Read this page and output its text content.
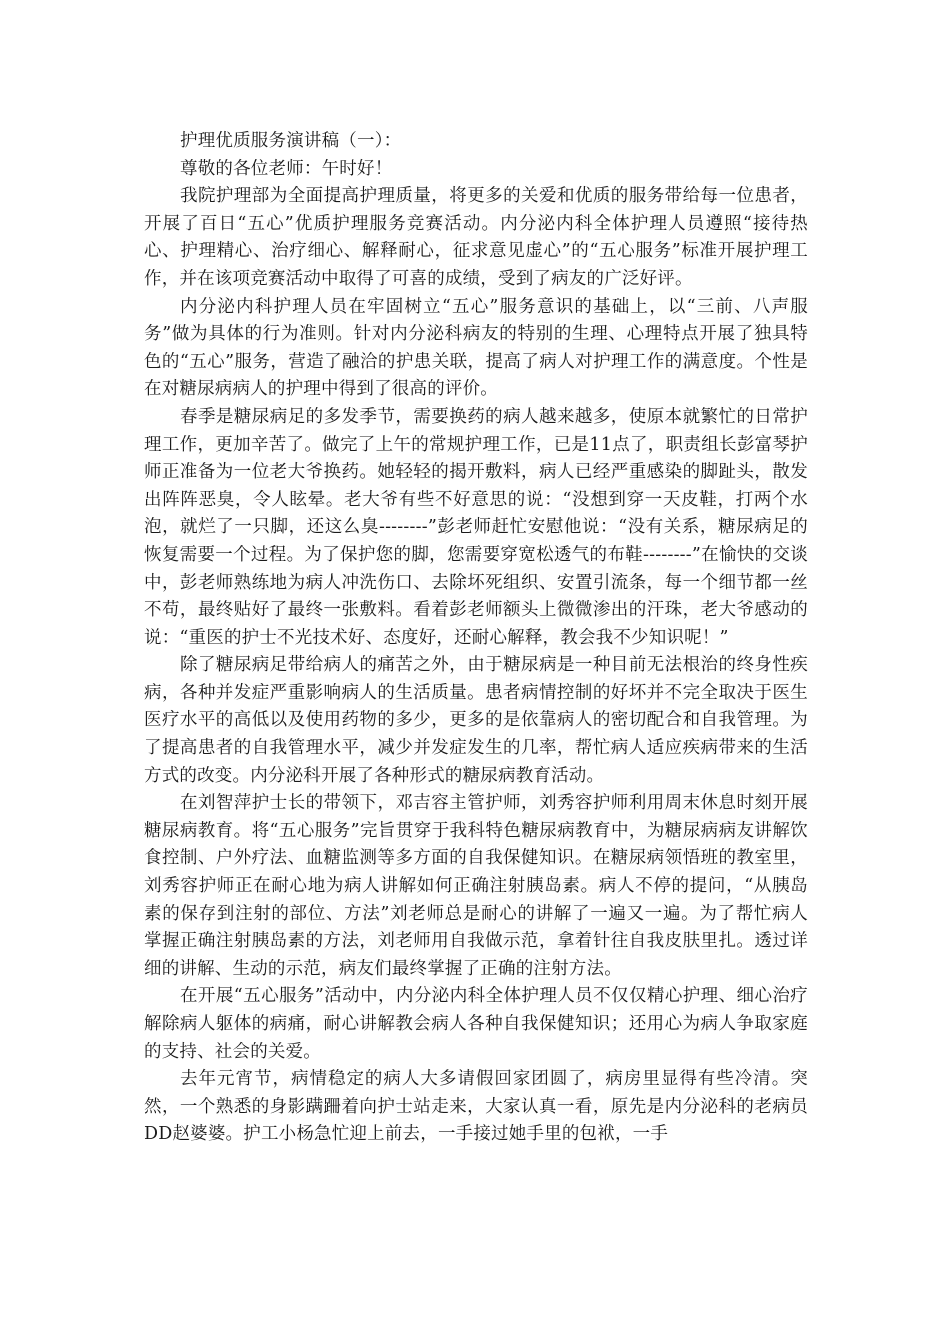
护理优质服务演讲稿（一）：

尊敬的各位老师：午时好！

我院护理部为全面提高护理质量，将更多的关爱和优质的服务带给每一位患者，开展了百日“五心”优质护理服务竞赛活动。内分泌内科全体护理人员遵照“接待热心、护理精心、治疗细心、解释耐心，征求意见虚心”的“五心服务”标准开展护理工作，并在该项竞赛活动中取得了可喜的成绩，受到了病友的广泛好评。

内分泌内科护理人员在牢固树立“五心”服务意识的基础上，以“三前、八声服务”做为具体的行为准则。针对内分泌科病友的特别的生理、心理特点开展了独具特色的“五心”服务，营造了融洽的护患关联，提高了病人对护理工作的满意度。个性是在对糖尿病病人的护理中得到了很高的评价。

春季是糖尿病足的多发季节，需要换药的病人越来越多，使原本就繁忙的日常护理工作，更加辛苦了。做完了上午的常规护理工作，已是11点了，职责组长彭富琴护师正准备为一位老大爷换药。她轻轻的揭开敷料，病人已经严重感染的脚趾头，散发出阵阵恶臭，令人眩晕。老大爷有些不好意思的说：“没想到穿一天皮鞋，打两个水泡，就烂了一只脚，还这么臭--------”彭老师赶忙安慰他说：“没有关系，糖尿病足的恢复需要一个过程。为了保护您的脚，您需要穿宽松透气的布鞋--------”在愉快的交谈中，彭老师熟练地为病人冲洗伤口、去除坏死组织、安置引流条，每一个细节都一丝不苟，最终贴好了最终一张敷料。看着彭老师额头上微微渗出的汗珠，老大爷感动的说：“重医的护士不光技术好、态度好，还耐心解释，教会我不少知识呢！”

除了糖尿病足带给病人的痛苦之外，由于糖尿病是一种目前无法根治的终身性疾病，各种并发症严重影响病人的生活质量。患者病情控制的好坏并不完全取决于医生医疗水平的高低以及使用药物的多少，更多的是依靠病人的密切配合和自我管理。为了提高患者的自我管理水平，减少并发症发生的几率，帮忙病人适应疾病带来的生活方式的改变。内分泌科开展了各种形式的糖尿病教育活动。

在刘智萍护士长的带领下，邓吉容主管护师，刘秀容护师利用周末休息时刻开展糖尿病教育。将“五心服务”完旨贯穿于我科特色糖尿病教育中，为糖尿病病友讲解饮食控制、户外疗法、血糖监测等多方面的自我保健知识。在糖尿病领悟班的教室里，刘秀容护师正在耐心地为病人讲解如何正确注射胰岛素。病人不停的提问，“从胰岛素的保存到注射的部位、方法”刘老师总是耐心的讲解了一遍又一遍。为了帮忙病人掌握正确注射胰岛素的方法，刘老师用自我做示范，拿着针往自我皮肤里扎。透过详细的讲解、生动的示范，病友们最终掌握了正确的注射方法。

在开展“五心服务”活动中，内分泌内科全体护理人员不仅仅精心护理、细心治疗解除病人躯体的病痛，耐心讲解教会病人各种自我保健知识；还用心为病人争取家庭的支持、社会的关爱。

去年元宵节，病情稳定的病人大多请假回家团圆了，病房里显得有些冷清。突然，一个熟悉的身影蹒跚着向护士站走来，大家认真一看，原先是内分泌科的老病员DD赵婆婆。护工小杨急忙迎上前去，一手接过她手里的包袱，一手
